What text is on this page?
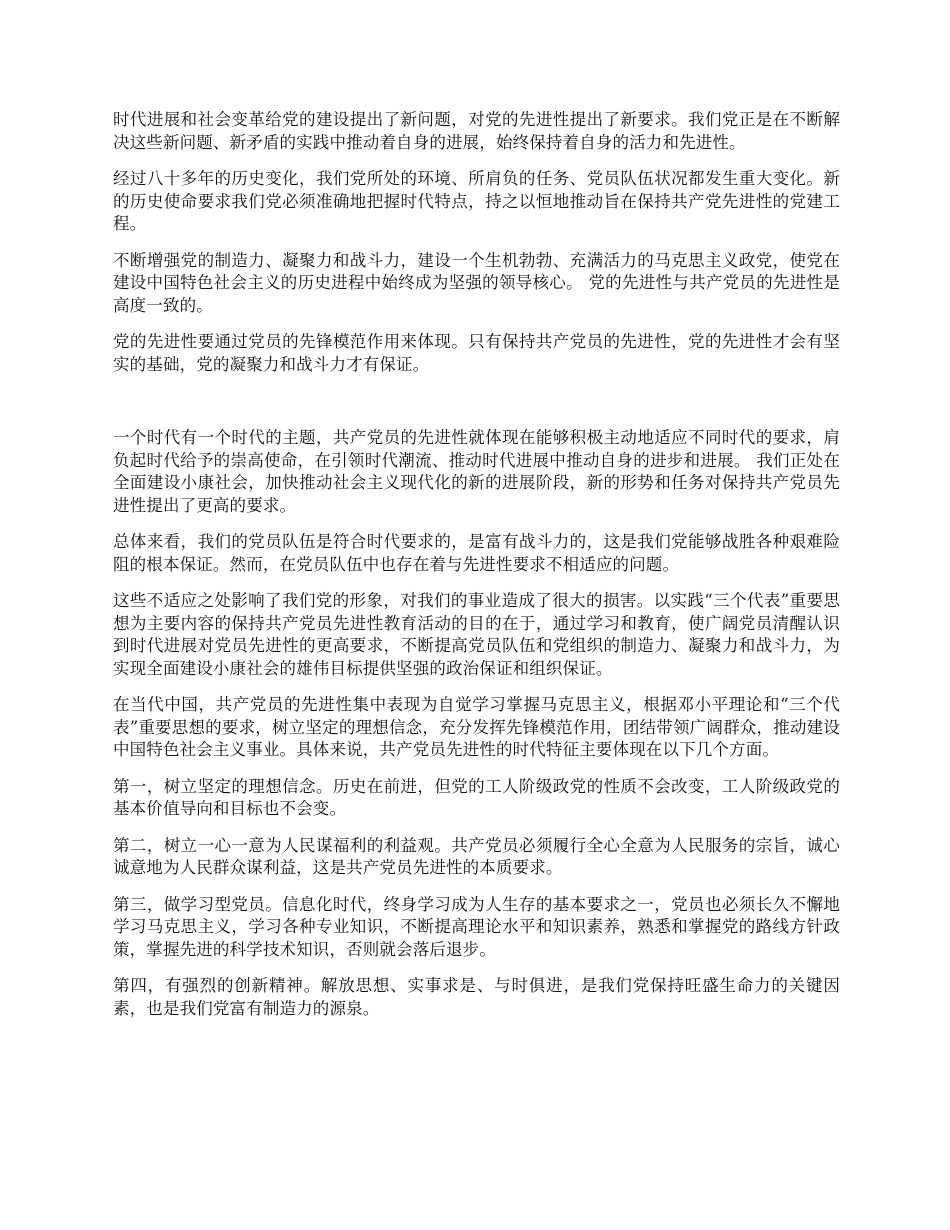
时代进展和社会变革给党的建设提出了新问题，对党的先进性提出了新要求。我们党正是在不断解决这些新问题、新矛盾的实践中推动着自身的进展，始终保持着自身的活力和先进性。

经过八十多年的历史变化，我们党所处的环境、所肩负的任务、党员队伍状况都发生重大变化。新的历史使命要求我们党必须准确地把握时代特点，持之以恒地推动旨在保持共产党先进性的党建工程。

不断增强党的制造力、凝聚力和战斗力，建设一个生机勃勃、充满活力的马克思主义政党，使党在建设中国特色社会主义的历史进程中始终成为坚强的领导核心。 党的先进性与共产党员的先进性是高度一致的。

党的先进性要通过党员的先锋模范作用来体现。只有保持共产党员的先进性，党的先进性才会有坚实的基础，党的凝聚力和战斗力才有保证。

一个时代有一个时代的主题，共产党员的先进性就体现在能够积极主动地适应不同时代的要求，肩负起时代给予的崇高使命，在引领时代潮流、推动时代进展中推动自身的进步和进展。 我们正处在全面建设小康社会，加快推动社会主义现代化的新的进展阶段，新的形势和任务对保持共产党员先进性提出了更高的要求。

总体来看，我们的党员队伍是符合时代要求的，是富有战斗力的，这是我们党能够战胜各种艰难险阻的根本保证。然而，在党员队伍中也存在着与先进性要求不相适应的问题。

这些不适应之处影响了我们党的形象，对我们的事业造成了很大的损害。以实践“三个代表”重要思想为主要内容的保持共产党员先进性教育活动的目的在于，通过学习和教育，使广阔党员清醒认识到时代进展对党员先进性的更高要求，不断提高党员队伍和党组织的制造力、凝聚力和战斗力，为实现全面建设小康社会的雄伟目标提供坚强的政治保证和组织保证。

在当代中国，共产党员的先进性集中表现为自觉学习掌握马克思主义，根据邓小平理论和“三个代表”重要思想的要求，树立坚定的理想信念，充分发挥先锋模范作用，团结带领广阔群众，推动建设中国特色社会主义事业。具体来说，共产党员先进性的时代特征主要体现在以下几个方面。

第一，树立坚定的理想信念。历史在前进，但党的工人阶级政党的性质不会改变，工人阶级政党的基本价值导向和目标也不会变。

第二，树立一心一意为人民谋福利的利益观。共产党员必须履行全心全意为人民服务的宗旨，诚心诚意地为人民群众谋利益，这是共产党员先进性的本质要求。

第三，做学习型党员。信息化时代，终身学习成为人生存的基本要求之一，党员也必须长久不懈地学习马克思主义，学习各种专业知识，不断提高理论水平和知识素养，熟悉和掌握党的路线方针政策，掌握先进的科学技术知识，否则就会落后退步。

第四，有强烈的创新精神。解放思想、实事求是、与时俱进，是我们党保持旺盛生命力的关键因素，也是我们党富有制造力的源泉。
